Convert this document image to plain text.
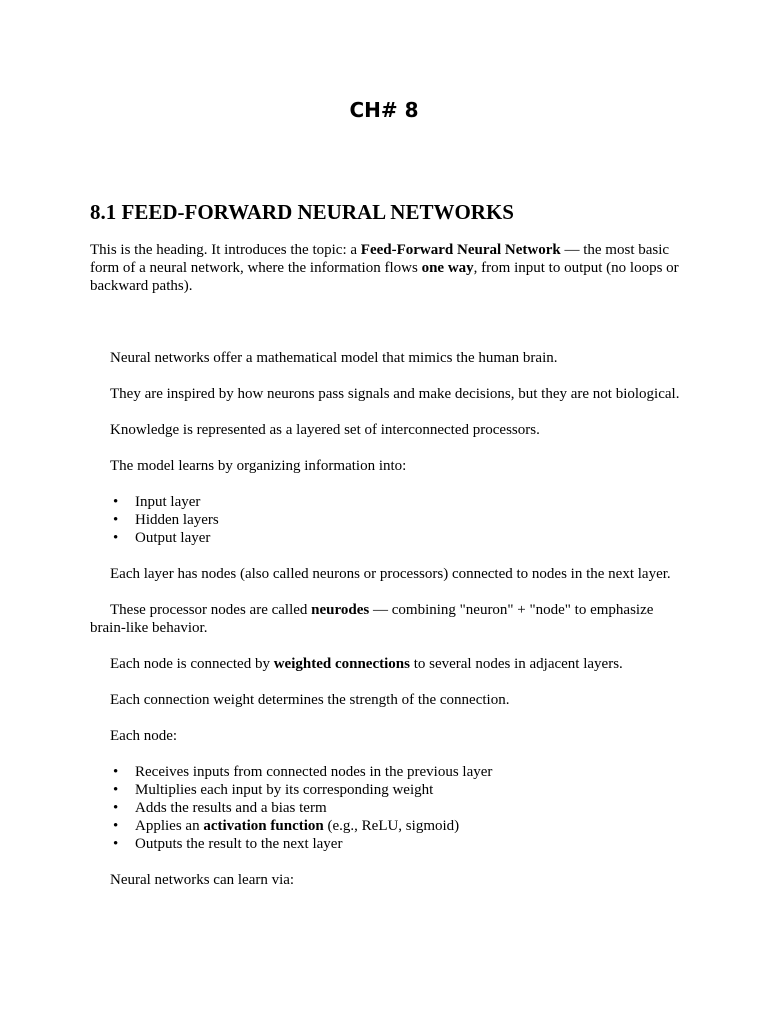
CH# 8
8.1 FEED-FORWARD NEURAL NETWORKS

This is the heading. It introduces the topic: a Feed-Forward Neural Network — the most basic form of a neural network, where the information flows one way, from input to output (no loops or backward paths).

Neural networks offer a mathematical model that mimics the human brain.

They are inspired by how neurons pass signals and make decisions, but they are not biological.

Knowledge is represented as a layered set of interconnected processors.

The model learns by organizing information into:

• Input layer
• Hidden layers
• Output layer

Each layer has nodes (also called neurons or processors) connected to nodes in the next layer.

These processor nodes are called neurodes — combining "neuron" + "node" to emphasize brain-like behavior.

Each node is connected by weighted connections to several nodes in adjacent layers.

Each connection weight determines the strength of the connection.

Each node:

• Receives inputs from connected nodes in the previous layer
• Multiplies each input by its corresponding weight
• Adds the results and a bias term
• Applies an activation function (e.g., ReLU, sigmoid)
• Outputs the result to the next layer

Neural networks can learn via:
